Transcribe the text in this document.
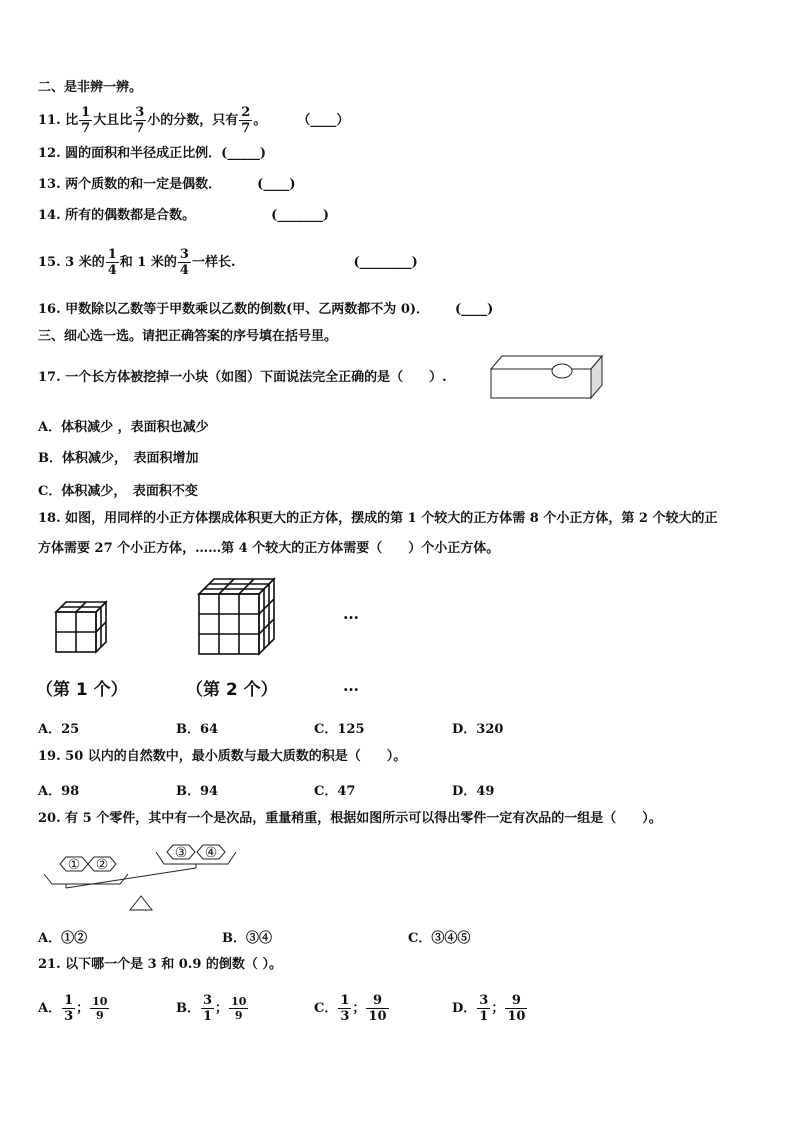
二、是非辨一辨。
11. 比 $\frac{1}{7}$ 大且比 $\frac{3}{7}$ 小的分数，只有 $\frac{2}{7}$ 。 （____）
12. 圆的面积和半径成正比例．(_____)
13. 两个质数的和一定是偶数．	(____)
14. 所有的偶数都是合数。	(_______)
15. 3 米的 $\frac{1}{4}$ 和 1 米的 $\frac{3}{4}$ 一样长.	(________)
16. 甲数除以乙数等于甲数乘以乙数的倒数(甲、乙两数都不为 0)． (____)
三、细心选一选。请把正确答案的序号填在括号里。
17. 一个长方体被挖掉一小块（如图）下面说法完全正确的是（　　）.
A．体积减少 ，表面积也减少
B．体积减少，　表面积增加
C．体积减少，　表面积不变
18. 如图，用同样的小正方体摆成体积更大的正方体，摆成的第 1 个较大的正方体需 8 个小正方体，第 2 个较大的正
方体需要 27 个小正方体，……第 4 个较大的正方体需要（　　）个小正方体。
…
（第 1 个）	（第 2 个）	…
A．25	B．64	C．125	D．320
19. 50 以内的自然数中，最小质数与最大质数的积是（　　）。
A．98	B．94	C．47	D．49
20. 有 5 个零件，其中有一个是次品，重量稍重，根据如图所示可以得出零件一定有次品的一组是（　　）。
① ②
③ ④
A．①②	B．③④	C．③④⑤
21. 以下哪一个是 3 和 0.9 的倒数（ ）。
A． $\frac{1}{3}$ ； $\frac{10}{9}$	B． $\frac{3}{1}$ ； $\frac{10}{9}$	C． $\frac{1}{3}$ ； $\frac{9}{10}$	D． $\frac{3}{1}$ ； $\frac{9}{10}$
